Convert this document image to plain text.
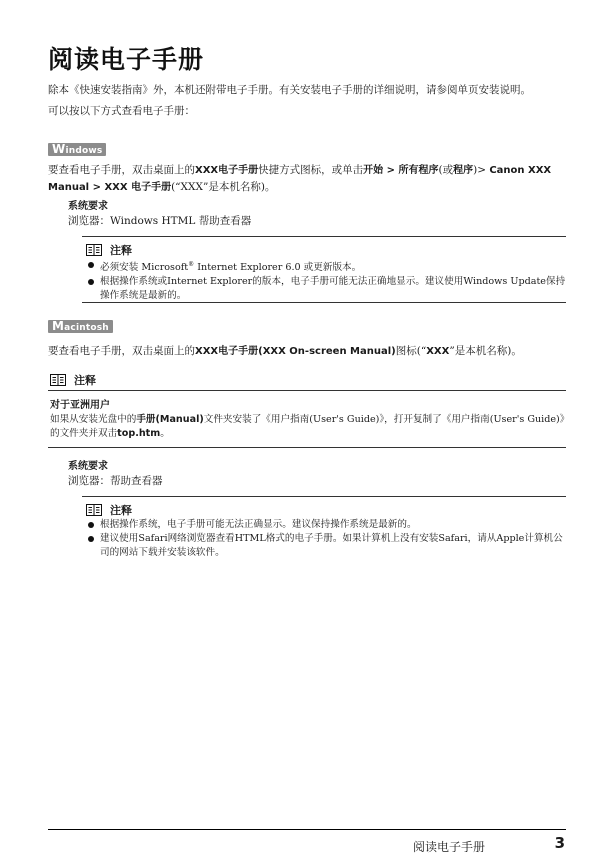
阅读电子手册

除本《快速安装指南》外，本机还附带电子手册。有关安装电子手册的详细说明，请参阅单页安装说明。

可以按以下方式查看电子手册：

Windows

要查看电子手册，双击桌面上的XXX电子手册快捷方式图标，或单击开始 > 所有程序(或程序)> Canon XXX Manual > XXX 电子手册(“XXX”是本机名称)。

系统要求
浏览器：Windows HTML 帮助查看器
注释
必须安装 Microsoft® Internet Explorer 6.0 或更新版本。
根据操作系统或Internet Explorer的版本，电子手册可能无法正确地显示。建议使用Windows Update保持操作系统是最新的。
Macintosh

要查看电子手册，双击桌面上的XXX电子手册(XXX On-screen Manual)图标(“XXX”是本机名称)。

注释
对于亚洲用户

如果从安装光盘中的手册(Manual)文件夹安装了《用户指南(User's Guide)》，打开复制了《用户指南(User's Guide)》的文件夹并双击top.htm。

系统要求
浏览器：帮助查看器
注释
根据操作系统，电子手册可能无法正确显示。建议保持操作系统是最新的。
建议使用Safari网络浏览器查看HTML格式的电子手册。如果计算机上没有安装Safari，请从Apple计算机公司的网站下载并安装该软件。
阅读电子手册	3
